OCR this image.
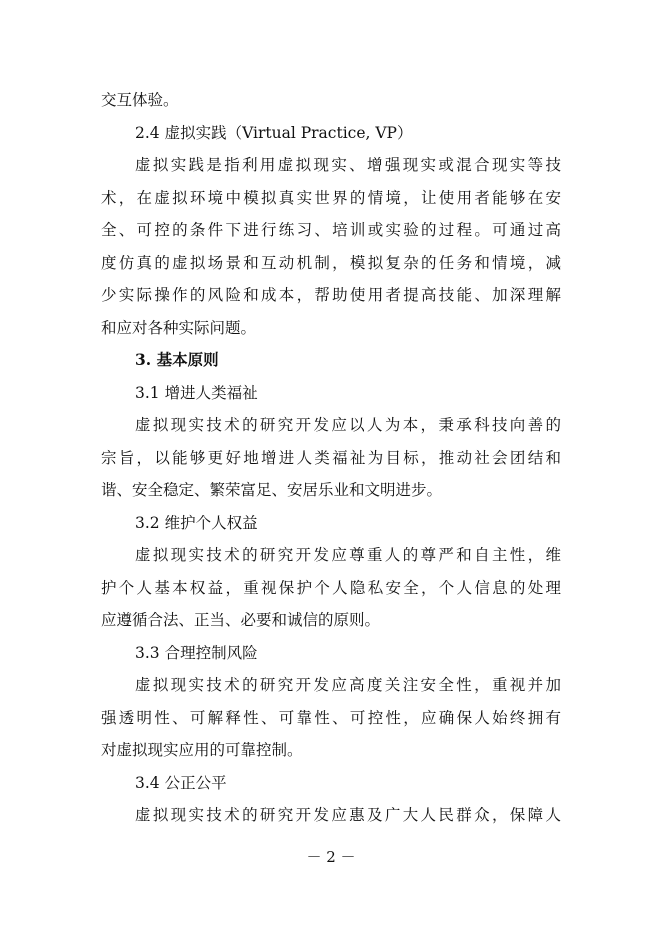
交互体验。
2.4 虚拟实践（Virtual Practice, VP）
虚拟实践是指利用虚拟现实、增强现实或混合现实等技
术，在虚拟环境中模拟真实世界的情境，让使用者能够在安
全、可控的条件下进行练习、培训或实验的过程。可通过高
度仿真的虚拟场景和互动机制，模拟复杂的任务和情境，减
少实际操作的风险和成本，帮助使用者提高技能、加深理解
和应对各种实际问题。
3. 基本原则
3.1 增进人类福祉
虚拟现实技术的研究开发应以人为本，秉承科技向善的
宗旨，以能够更好地增进人类福祉为目标，推动社会团结和
谐、安全稳定、繁荣富足、安居乐业和文明进步。
3.2 维护个人权益
虚拟现实技术的研究开发应尊重人的尊严和自主性，维
护个人基本权益，重视保护个人隐私安全，个人信息的处理
应遵循合法、正当、必要和诚信的原则。
3.3 合理控制风险
虚拟现实技术的研究开发应高度关注安全性，重视并加
强透明性、可解释性、可靠性、可控性，应确保人始终拥有
对虚拟现实应用的可靠控制。
3.4 公正公平
虚拟现实技术的研究开发应惠及广大人民群众，保障人
－ 2 －
